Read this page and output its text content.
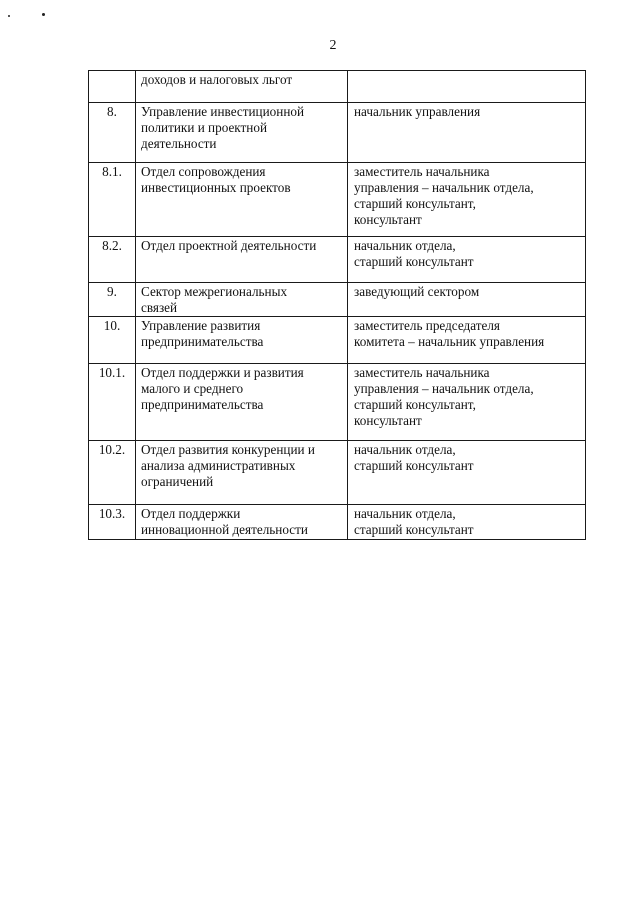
2

	доходов и налоговых льгот	

8.	Управление инвестиционной
политики и проектной
деятельности	начальник управления

8.1.	Отдел сопровождения
инвестиционных проектов	заместитель начальника
управления – начальник отдела,
старший консультант,
консультант

8.2.	Отдел проектной деятельности	начальник отдела,
старший консультант

9.	Сектор межрегиональных
связей	заведующий сектором

10.	Управление развития
предпринимательства	заместитель председателя
комитета – начальник управления

10.1.	Отдел поддержки и развития
малого и среднего
предпринимательства	заместитель начальника
управления – начальник отдела,
старший консультант,
консультант

10.2.	Отдел развития конкуренции и
анализа административных
ограничений	начальник отдела,
старший консультант

10.3.	Отдел поддержки
инновационной деятельности	начальник отдела,
старший консультант
